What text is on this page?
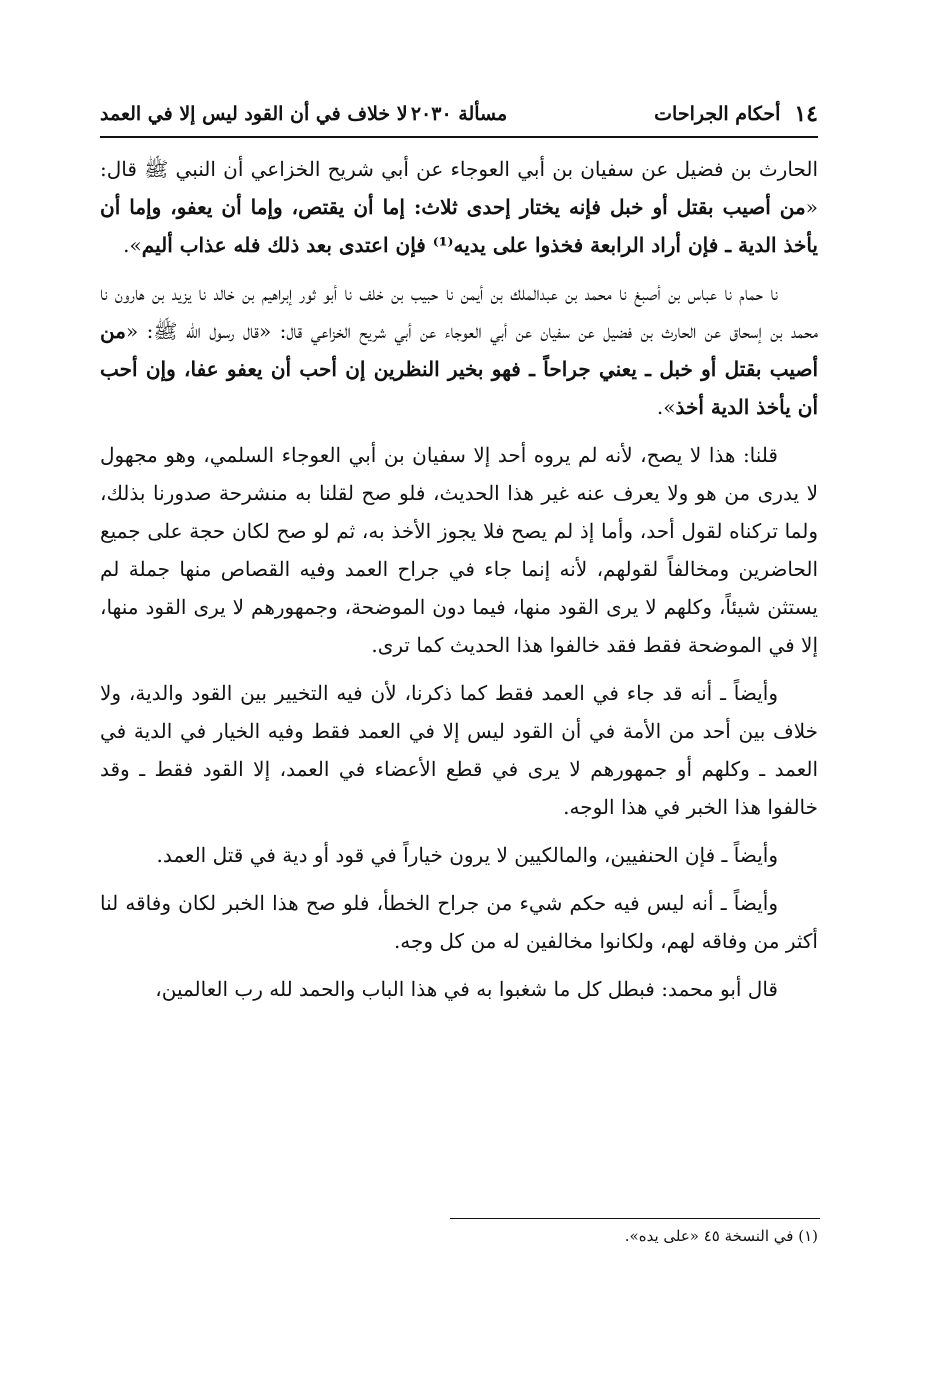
١٤
أحكام الجراحات
مسألة ٢٠٣٠
لا خلاف في أن القود ليس إلا في العمد

الحارث بن فضيل عن سفيان بن أبي العوجاء عن أبي شريح الخزاعي أن النبي ﷺ قال: «من أصيب بقتل أو خبل فإنه يختار إحدى ثلاث: إما أن يقتص، وإما أن يعفو، وإما أن يأخذ الدية ـ فإن أراد الرابعة فخذوا على يديه⁽¹⁾ فإن اعتدى بعد ذلك فله عذاب أليم».

نا حمام نا عباس بن أصبغ نا محمد بن عبدالملك بن أيمن نا حبيب بن خلف نا أبو ثور إبراهيم بن خالد نا يزيد بن هارون نا محمد بن إسحاق عن الحارث بن فضيل عن سفيان عن أبي العوجاء عن أبي شريح الخزاعي قال: «قال رسول الله ﷺ: «من أصيب بقتل أو خبل ـ يعني جراحاً ـ فهو بخير النظرين إن أحب أن يعفو عفا، وإن أحب أن يأخذ الدية أخذ».

قلنا: هذا لا يصح، لأنه لم يروه أحد إلا سفيان بن أبي العوجاء السلمي، وهو مجهول لا يدرى من هو ولا يعرف عنه غير هذا الحديث، فلو صح لقلنا به منشرحة صدورنا بذلك، ولما تركناه لقول أحد، وأما إذ لم يصح فلا يجوز الأخذ به، ثم لو صح لكان حجة على جميع الحاضرين ومخالفاً لقولهم، لأنه إنما جاء في جراح العمد وفيه القصاص منها جملة لم يستثن شيئاً، وكلهم لا يرى القود منها، فيما دون الموضحة، وجمهورهم لا يرى القود منها، إلا في الموضحة فقط فقد خالفوا هذا الحديث كما ترى.

وأيضاً ـ أنه قد جاء في العمد فقط كما ذكرنا، لأن فيه التخيير بين القود والدية، ولا خلاف بين أحد من الأمة في أن القود ليس إلا في العمد فقط وفيه الخيار في الدية في العمد ـ وكلهم أو جمهورهم لا يرى في قطع الأعضاء في العمد، إلا القود فقط ـ وقد خالفوا هذا الخبر في هذا الوجه.

وأيضاً ـ فإن الحنفيين، والمالكيين لا يرون خياراً في قود أو دية في قتل العمد.

وأيضاً ـ أنه ليس فيه حكم شيء من جراح الخطأ، فلو صح هذا الخبر لكان وفاقه لنا أكثر من وفاقه لهم، ولكانوا مخالفين له من كل وجه.

قال أبو محمد: فبطل كل ما شغبوا به في هذا الباب والحمد لله رب العالمين،

(١) في النسخة ٤٥ «على يده».
